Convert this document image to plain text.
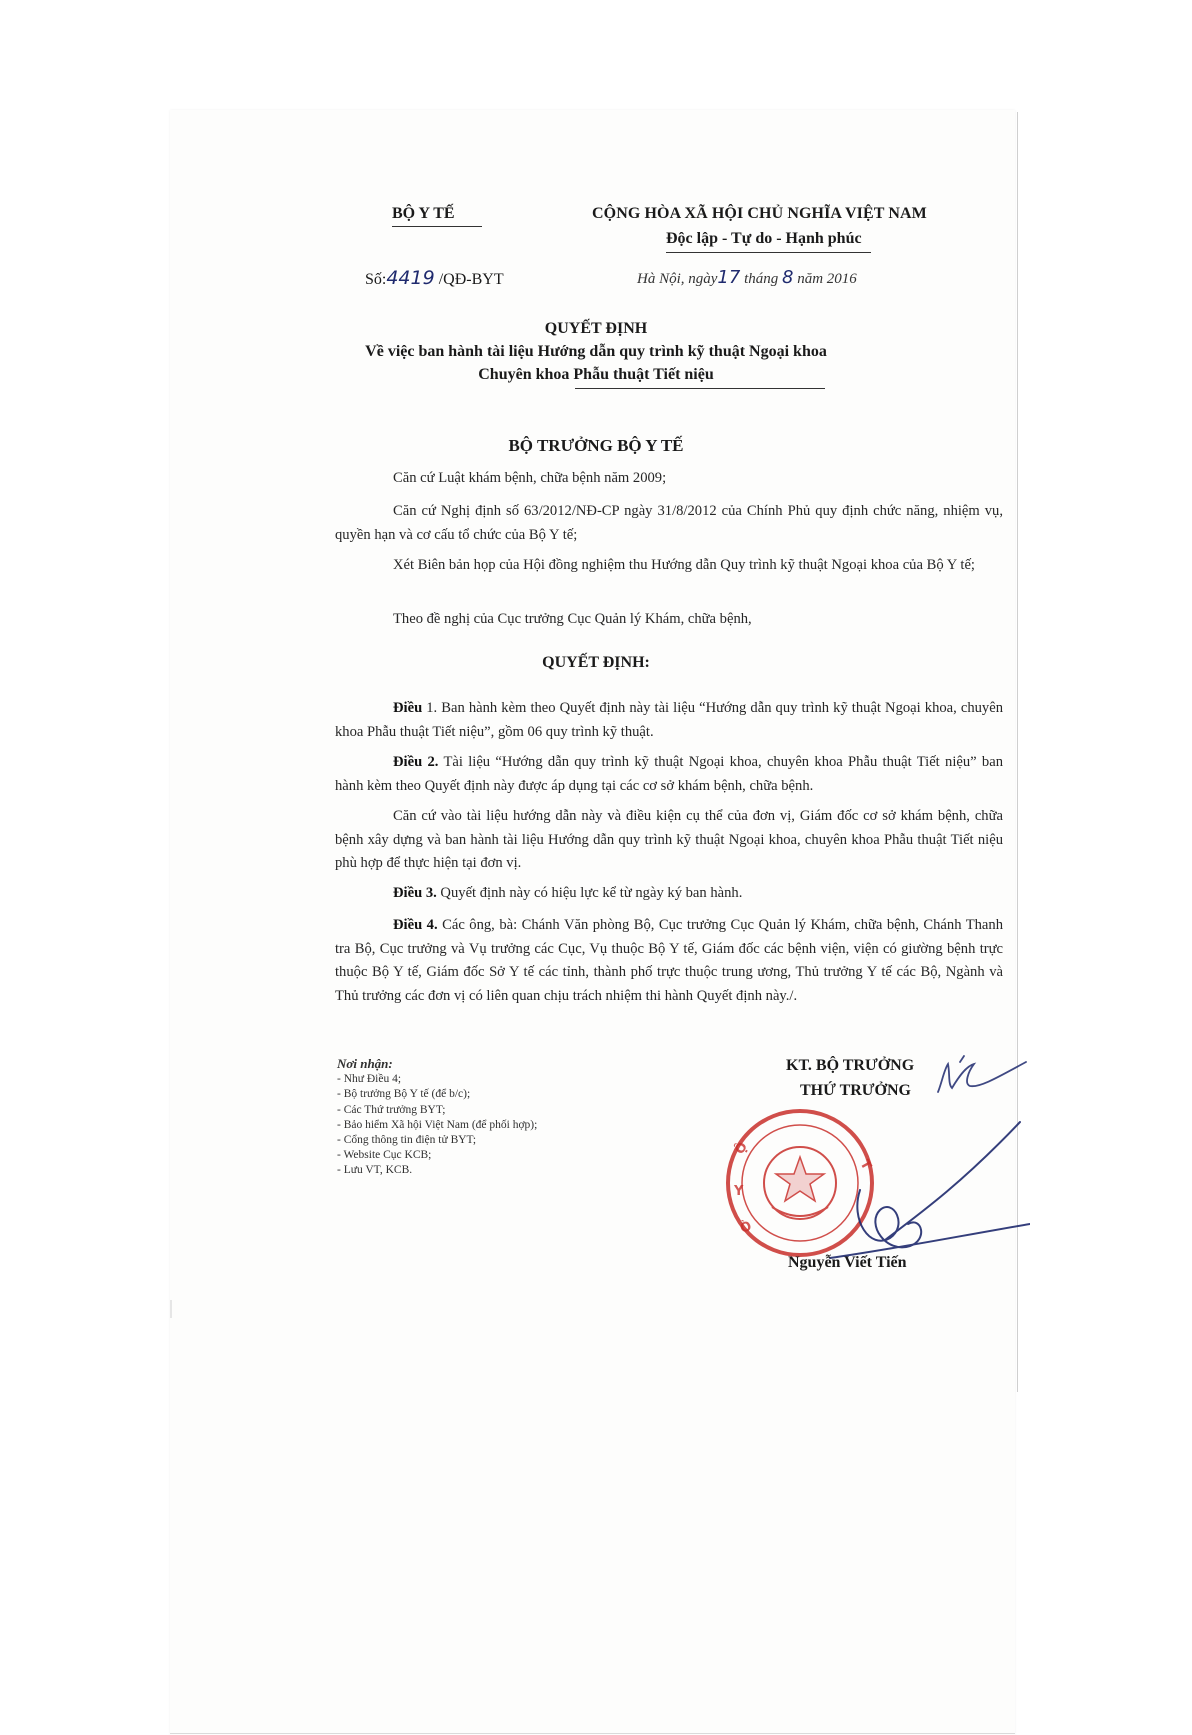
BỘ Y TẾ	CỘNG HÒA XÃ HỘI CHỦ NGHĨA VIỆT NAM
Độc lập - Tự do - Hạnh phúc
Số:4419 /QĐ-BYT	Hà Nội, ngày17 tháng 8 năm 2016
QUYẾT ĐỊNH
Về việc ban hành tài liệu Hướng dẫn quy trình kỹ thuật Ngoại khoa
Chuyên khoa Phẫu thuật Tiết niệu
BỘ TRƯỞNG BỘ Y TẾ
Căn cứ Luật khám bệnh, chữa bệnh năm 2009;
Căn cứ Nghị định số 63/2012/NĐ-CP ngày 31/8/2012 của Chính Phủ quy định chức năng, nhiệm vụ, quyền hạn và cơ cấu tổ chức của Bộ Y tế;
Xét Biên bản họp của Hội đồng nghiệm thu Hướng dẫn Quy trình kỹ thuật Ngoại khoa của Bộ Y tế;
Theo đề nghị của Cục trưởng Cục Quản lý Khám, chữa bệnh,
QUYẾT ĐỊNH:
Điều 1. Ban hành kèm theo Quyết định này tài liệu “Hướng dẫn quy trình kỹ thuật Ngoại khoa, chuyên khoa Phẫu thuật Tiết niệu”, gồm 06 quy trình kỹ thuật.
Điều 2. Tài liệu “Hướng dẫn quy trình kỹ thuật Ngoại khoa, chuyên khoa Phẫu thuật Tiết niệu” ban hành kèm theo Quyết định này được áp dụng tại các cơ sở khám bệnh, chữa bệnh.
Căn cứ vào tài liệu hướng dẫn này và điều kiện cụ thể của đơn vị, Giám đốc cơ sở khám bệnh, chữa bệnh xây dựng và ban hành tài liệu Hướng dẫn quy trình kỹ thuật Ngoại khoa, chuyên khoa Phẫu thuật Tiết niệu phù hợp để thực hiện tại đơn vị.
Điều 3. Quyết định này có hiệu lực kể từ ngày ký ban hành.
Điều 4. Các ông, bà: Chánh Văn phòng Bộ, Cục trưởng Cục Quản lý Khám, chữa bệnh, Chánh Thanh tra Bộ, Cục trưởng và Vụ trưởng các Cục, Vụ thuộc Bộ Y tế, Giám đốc các bệnh viện, viện có giường bệnh trực thuộc Bộ Y tế, Giám đốc Sở Y tế các tỉnh, thành phố trực thuộc trung ương, Thủ trưởng Y tế các Bộ, Ngành và Thủ trưởng các đơn vị có liên quan chịu trách nhiệm thi hành Quyết định này./.
Nơi nhận:
- Như Điều 4;
- Bộ trưởng Bộ Y tế (để b/c);
- Các Thứ trưởng BYT;
- Bảo hiểm Xã hội Việt Nam (để phối hợp);
- Cổng thông tin điện tử BYT;
- Website Cục KCB;
- Lưu VT, KCB.
Ộ
Y
Ò
T
KT. BỘ TRƯỞNG
THỨ TRƯỞNG
Nguyễn Viết Tiến
